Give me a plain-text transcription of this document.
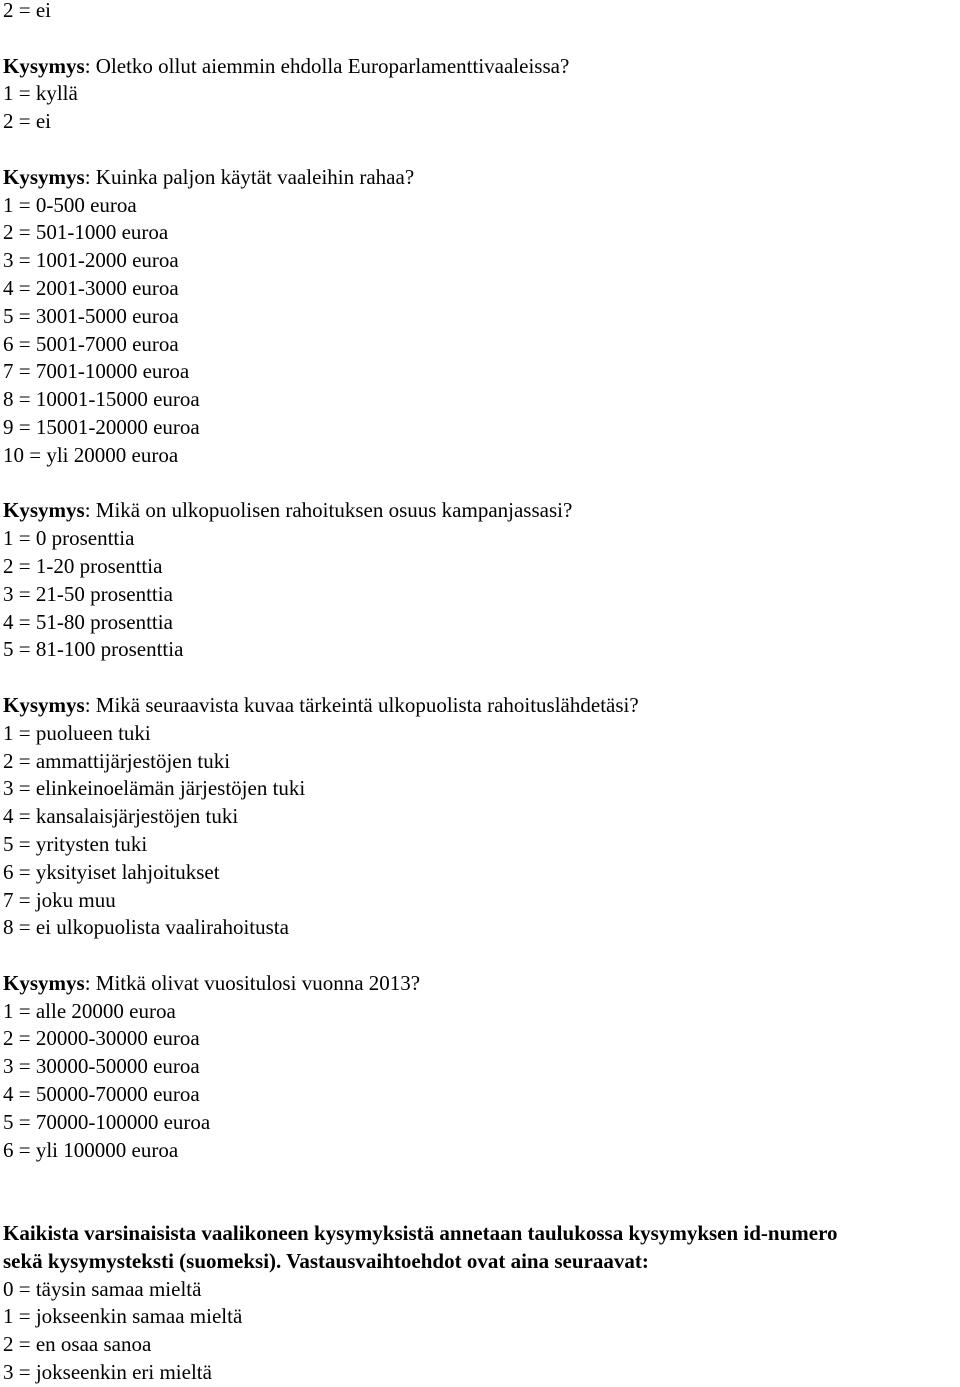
2 = ei
Kysymys: Oletko ollut aiemmin ehdolla Europarlamenttivaaleissa?
1 = kyllä
2 = ei
Kysymys: Kuinka paljon käytät vaaleihin rahaa?
1 = 0-500 euroa
2 = 501-1000 euroa
3 = 1001-2000 euroa
4 = 2001-3000 euroa
5 = 3001-5000 euroa
6 = 5001-7000 euroa
7 = 7001-10000 euroa
8 = 10001-15000 euroa
9 = 15001-20000 euroa
10 = yli 20000 euroa
Kysymys: Mikä on ulkopuolisen rahoituksen osuus kampanjassasi?
1 = 0 prosenttia
2 = 1-20 prosenttia
3 = 21-50 prosenttia
4 = 51-80 prosenttia
5 = 81-100 prosenttia
Kysymys: Mikä seuraavista kuvaa tärkeintä ulkopuolista rahoituslähdetäsi?
1 = puolueen tuki
2 = ammattijärjestöjen tuki
3 = elinkeinoelämän järjestöjen tuki
4 = kansalaisjärjestöjen tuki
5 = yritysten tuki
6 = yksityiset lahjoitukset
7 = joku muu
8 = ei ulkopuolista vaalirahoitusta
Kysymys: Mitkä olivat vuositulosi vuonna 2013?
1 = alle 20000 euroa
2 = 20000-30000 euroa
3 = 30000-50000 euroa
4 = 50000-70000 euroa
5 = 70000-100000 euroa
6 = yli 100000 euroa
Kaikista varsinaisista vaalikoneen kysymyksistä annetaan taulukossa kysymyksen id-numero
sekä kysymysteksti (suomeksi). Vastausvaihtoehdot ovat aina seuraavat:
0 = täysin samaa mieltä
1 = jokseenkin samaa mieltä
2 = en osaa sanoa
3 = jokseenkin eri mieltä
